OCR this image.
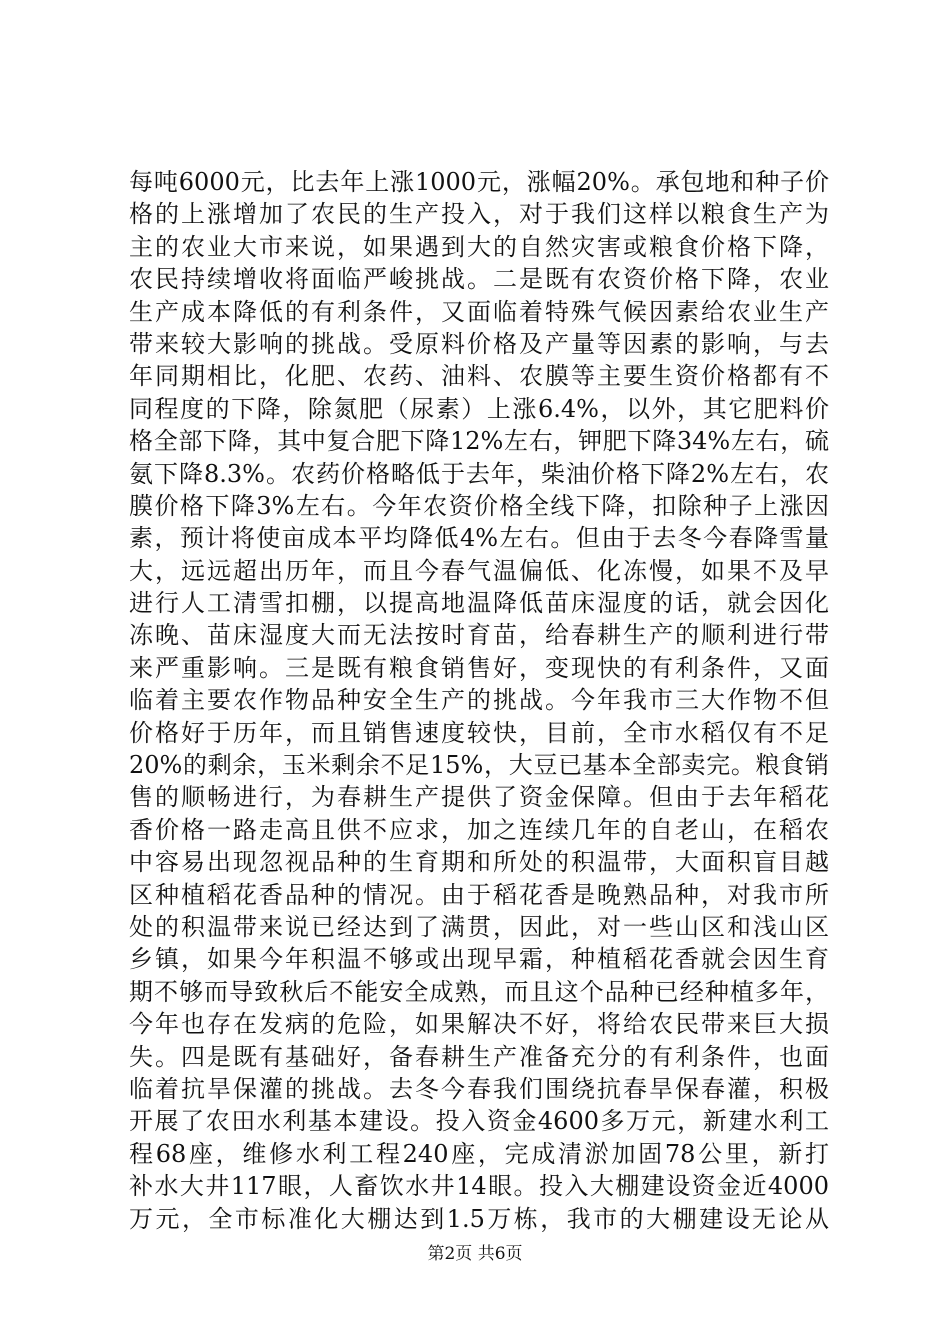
每吨6000元，比去年上涨1000元，涨幅20%。承包地和种子价
格的上涨增加了农民的生产投入，对于我们这样以粮食生产为
主的农业大市来说，如果遇到大的自然灾害或粮食价格下降，
农民持续增收将面临严峻挑战。二是既有农资价格下降，农业
生产成本降低的有利条件，又面临着特殊气候因素给农业生产
带来较大影响的挑战。受原料价格及产量等因素的影响，与去
年同期相比，化肥、农药、油料、农膜等主要生资价格都有不
同程度的下降，除氮肥（尿素）上涨6.4%，以外，其它肥料价
格全部下降，其中复合肥下降12%左右，钾肥下降34%左右，硫
氨下降8.3%。农药价格略低于去年，柴油价格下降2%左右，农
膜价格下降3%左右。今年农资价格全线下降，扣除种子上涨因
素，预计将使亩成本平均降低4%左右。但由于去冬今春降雪量
大，远远超出历年，而且今春气温偏低、化冻慢，如果不及早
进行人工清雪扣棚，以提高地温降低苗床湿度的话，就会因化
冻晚、苗床湿度大而无法按时育苗，给春耕生产的顺利进行带
来严重影响。三是既有粮食销售好，变现快的有利条件，又面
临着主要农作物品种安全生产的挑战。今年我市三大作物不但
价格好于历年，而且销售速度较快，目前，全市水稻仅有不足
20%的剩余，玉米剩余不足15%，大豆已基本全部卖完。粮食销
售的顺畅进行，为春耕生产提供了资金保障。但由于去年稻花
香价格一路走高且供不应求，加之连续几年的自老山，在稻农
中容易出现忽视品种的生育期和所处的积温带，大面积盲目越
区种植稻花香品种的情况。由于稻花香是晚熟品种，对我市所
处的积温带来说已经达到了满贯，因此，对一些山区和浅山区
乡镇，如果今年积温不够或出现早霜，种植稻花香就会因生育
期不够而导致秋后不能安全成熟，而且这个品种已经种植多年，
今年也存在发病的危险，如果解决不好，将给农民带来巨大损
失。四是既有基础好，备春耕生产准备充分的有利条件，也面
临着抗旱保灌的挑战。去冬今春我们围绕抗春旱保春灌，积极
开展了农田水利基本建设。投入资金4600多万元，新建水利工
程68座，维修水利工程240座，完成清淤加固78公里，新打
补水大井117眼，人畜饮水井14眼。投入大棚建设资金近4000
万元，全市标准化大棚达到1.5万栋，我市的大棚建设无论从
第2页 共6页
